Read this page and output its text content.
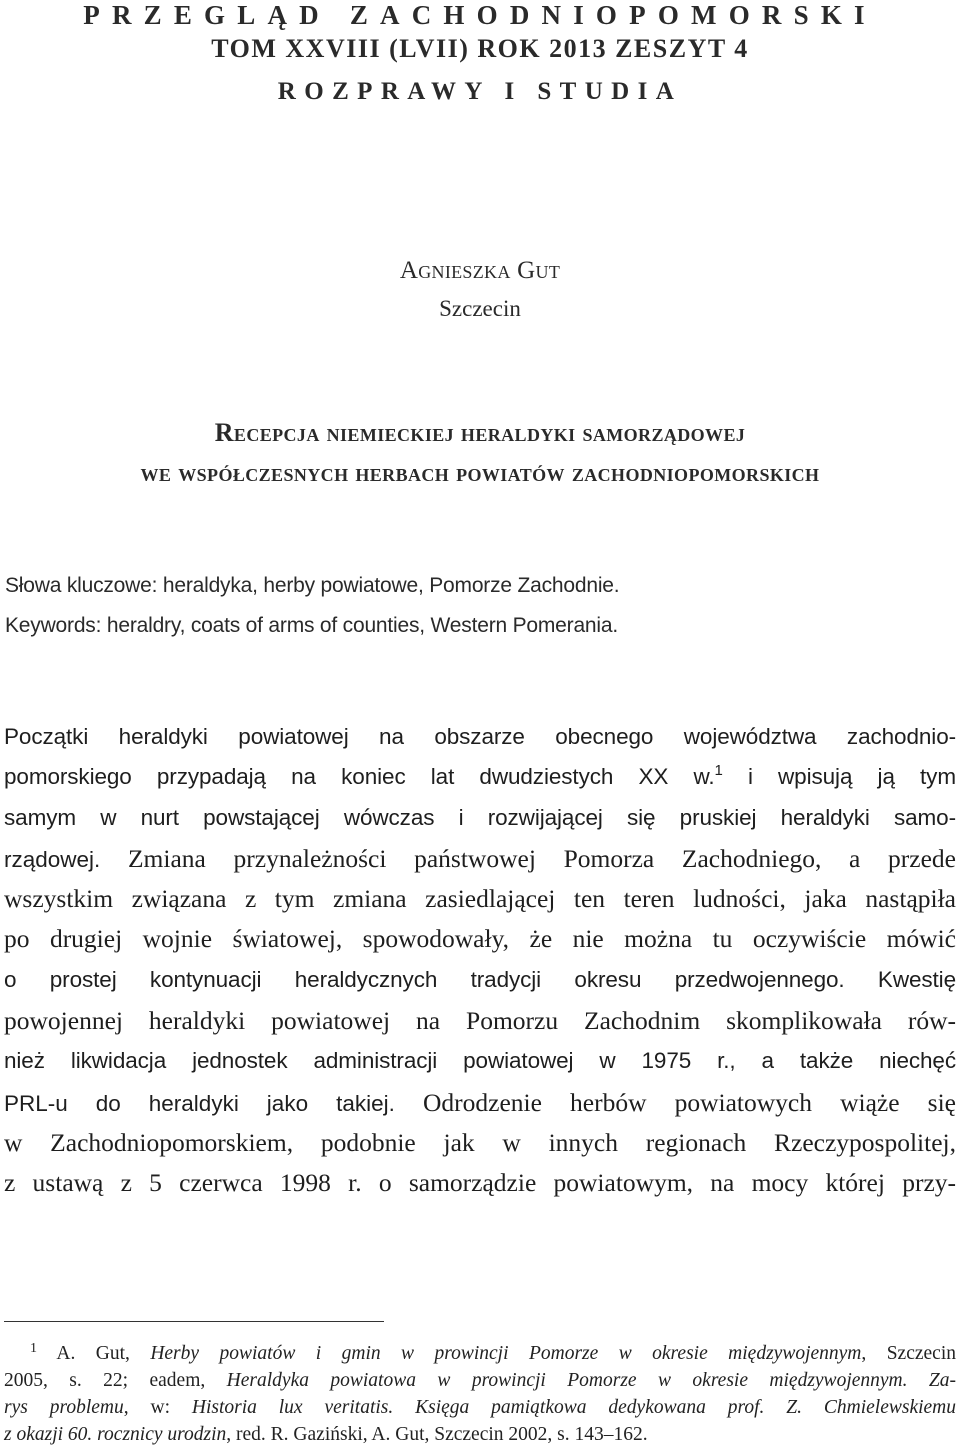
PRZEGLĄD ZACHODNIOPOMORSKI
TOM XXVIII (LVII) ROK 2013 ZESZYT 4
ROZPRAWY I STUDIA
Agnieszka Gut
Szczecin
Recepcja niemieckiej heraldyki samorządowej
we współczesnych herbach powiatów zachodniopomorskich
Słowa kluczowe: heraldyka, herby powiatowe, Pomorze Zachodnie.
Keywords: heraldry, coats of arms of counties, Western Pomerania.
Początki heraldyki powiatowej na obszarze obecnego województwa zachodnio-
pomorskiego przypadają na koniec lat dwudziestych XX w.$^1$ i wpisują ją tym
samym w nurt powstającej wówczas i rozwijającej się pruskiej heraldyki samo-
rządowej. Zmiana przynależności państwowej Pomorza Zachodniego, a przede
wszystkim związana z tym zmiana zasiedlającej ten teren ludności, jaka nastąpiła
po drugiej wojnie światowej, spowodowały, że nie można tu oczywiście mówić
o prostej kontynuacji heraldycznych tradycji okresu przedwojennego. Kwestię
powojennej heraldyki powiatowej na Pomorzu Zachodnim skomplikowała rów-
nież likwidacja jednostek administracji powiatowej w 1975 r., a także niechęć
PRL-u do heraldyki jako takiej. Odrodzenie herbów powiatowych wiąże się
w Zachodniopomorskiem, podobnie jak w innych regionach Rzeczypospolitej,
z ustawą z 5 czerwca 1998 r. o samorządzie powiatowym, na mocy której przy-
$^1$ A. Gut, Herby powiatów i gmin w prowincji Pomorze w okresie międzywojennym, Szczecin
2005, s. 22; eadem, Heraldyka powiatowa w prowincji Pomorze w okresie międzywojennym. Za-
rys problemu, w: Historia lux veritatis. Księga pamiątkowa dedykowana prof. Z. Chmielewskiemu
z okazji 60. rocznicy urodzin, red. R. Gaziński, A. Gut, Szczecin 2002, s. 143–162.
